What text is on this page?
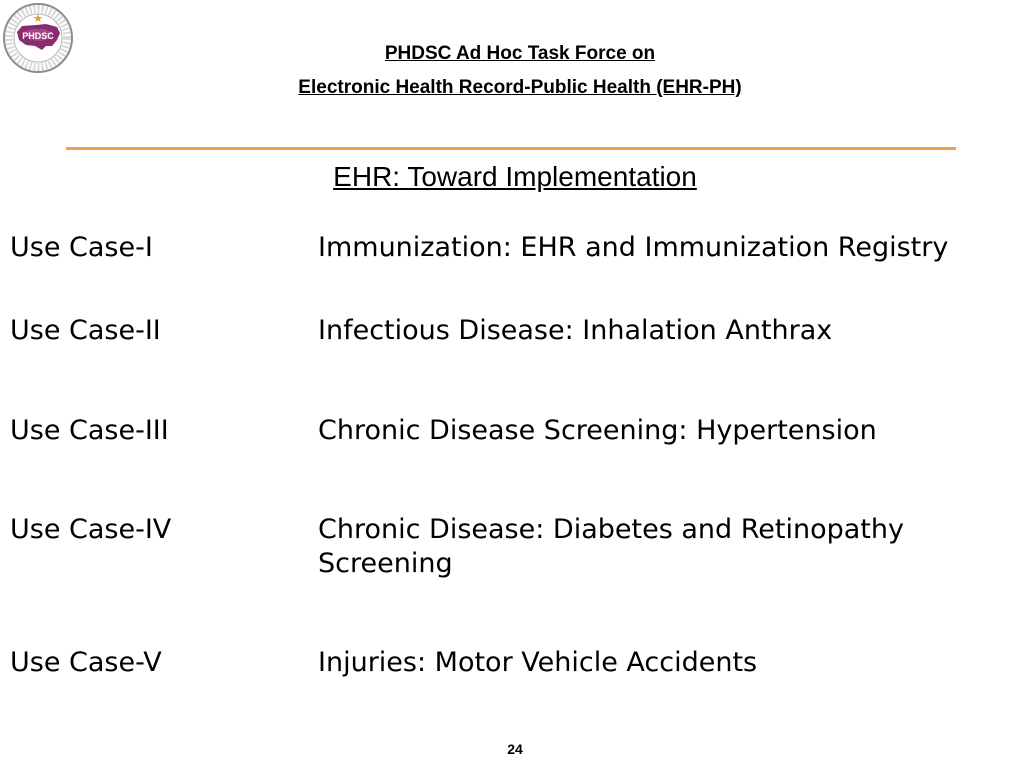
PHDSC
PHDSC Ad Hoc Task Force on
Electronic Health Record-Public Health (EHR-PH)
EHR: Toward Implementation
Use Case-I	Immunization: EHR and Immunization Registry
Use Case-II	Infectious Disease: Inhalation Anthrax
Use Case-III	Chronic Disease Screening: Hypertension
Use Case-IV	Chronic Disease: Diabetes and Retinopathy Screening
Use Case-V	Injuries: Motor Vehicle Accidents
24
